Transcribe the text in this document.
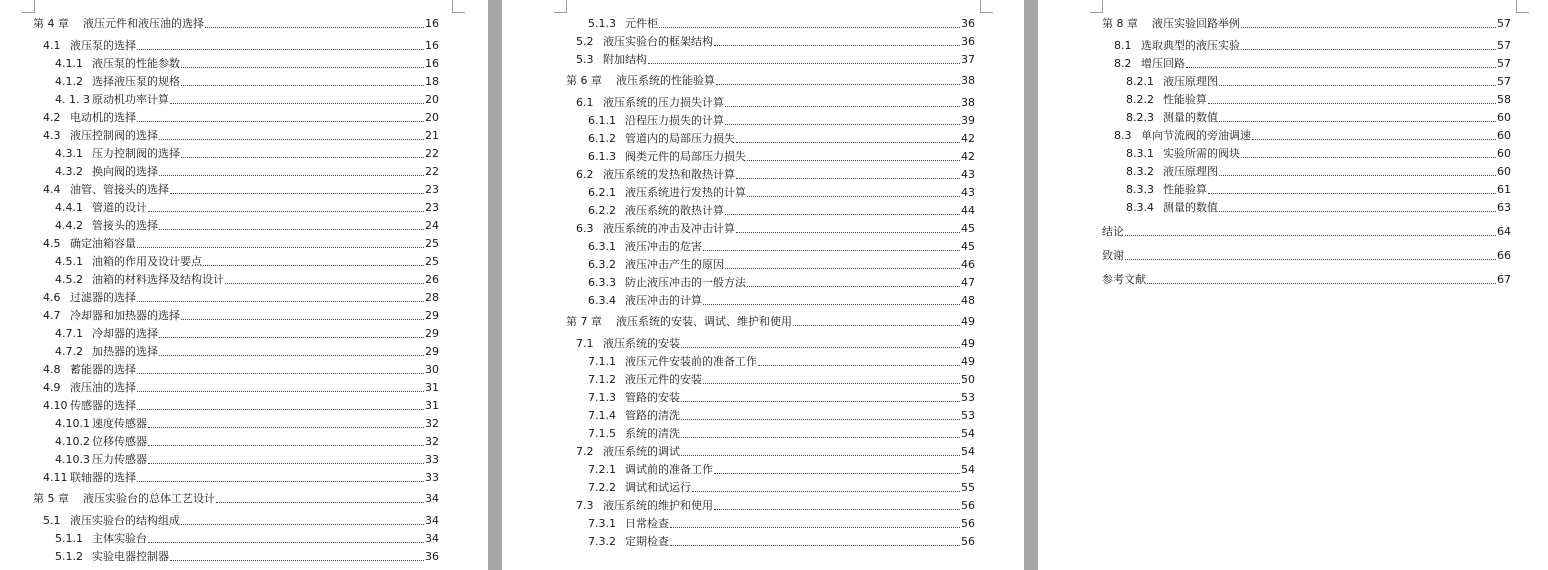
第 4 章	液压元件和液压油的选择	16
4.1 液压泵的选择	16
4.1.1 液压泵的性能参数	16
4.1.2 选择液压泵的规格	18
4. 1. 3 原动机功率计算	20
4.2 电动机的选择	20
4.3 液压控制阀的选择	21
4.3.1 压力控制阀的选择	22
4.3.2 换向阀的选择	22
4.4 油管、管接头的选择	23
4.4.1 管道的设计	23
4.4.2 管接头的选择	24
4.5 确定油箱容量	25
4.5.1 油箱的作用及设计要点	25
4.5.2 油箱的材料选择及结构设计	26
4.6 过滤器的选择	28
4.7 冷却器和加热器的选择	29
4.7.1 冷却器的选择	29
4.7.2 加热器的选择	29
4.8 蓄能器的选择	30
4.9 液压油的选择	31
4.10 传感器的选择	31
4.10.1 速度传感器	32
4.10.2 位移传感器	32
4.10.3 压力传感器	33
4.11 联轴器的选择	33
第 5 章	液压实验台的总体工艺设计	34
5.1 液压实验台的结构组成	34
5.1.1 主体实验台	34
5.1.2 实验电器控制器	36
5.1.3 元件柜	36
5.2 液压实验台的框架结构	36
5.3 附加结构	37
第 6 章	液压系统的性能验算	38
6.1 液压系统的压力损失计算	38
6.1.1 沿程压力损失的计算	39
6.1.2 管道内的局部压力损失	42
6.1.3 阀类元件的局部压力损失	42
6.2 液压系统的发热和散热计算	43
6.2.1 液压系统进行发热的计算	43
6.2.2 液压系统的散热计算	44
6.3 液压系统的冲击及冲击计算	45
6.3.1 液压冲击的危害	45
6.3.2 液压冲击产生的原因	46
6.3.3 防止液压冲击的一般方法	47
6.3.4 液压冲击的计算	48
第 7 章	液压系统的安装、调试、维护和使用	49
7.1 液压系统的安装	49
7.1.1 液压元件安装前的准备工作	49
7.1.2 液压元件的安装	50
7.1.3 管路的安装	53
7.1.4 管路的清洗	53
7.1.5 系统的清洗	54
7.2 液压系统的调试	54
7.2.1 调试前的准备工作	54
7.2.2 调试和试运行	55
7.3 液压系统的维护和使用	56
7.3.1 日常检查	56
7.3.2 定期检查	56
第 8 章	液压实验回路举例	57
8.1 选取典型的液压实验	57
8.2 增压回路	57
8.2.1 液压原理图	57
8.2.2 性能验算	58
8.2.3 测量的数值	60
8.3 单向节流阀的旁油调速	60
8.3.1 实验所需的阀块	60
8.3.2 液压原理图	60
8.3.3 性能验算	61
8.3.4 测量的数值	63
结论	64
致谢	66
参考文献	67
